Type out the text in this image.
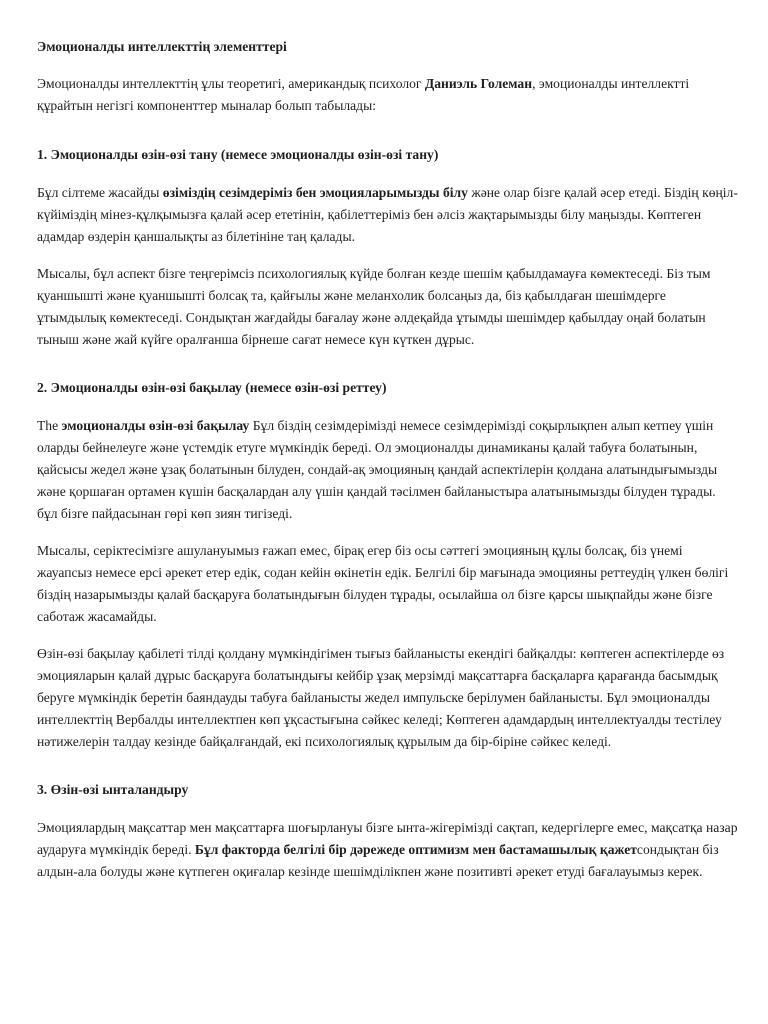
Эмоционалды интеллекттің элементтері

Эмоционалды интеллекттің ұлы теоретигі, американдық психолог Даниэль Големан, эмоционалды интеллектті құрайтын негізгі компоненттер мыналар болып табылады:

1. Эмоционалды өзін-өзі тану (немесе эмоционалды өзін-өзі тану)

Бұл сілтеме жасайды өзіміздің сезімдеріміз бен эмоцияларымызды білу және олар бізге қалай әсер етеді. Біздің көңіл-күйіміздің мінез-құлқымызға қалай әсер ететінін, қабілеттеріміз бен әлсіз жақтарымызды білу маңызды. Көптеген адамдар өздерін қаншалықты аз білетініне таң қалады.

Мысалы, бұл аспект бізге теңгерімсіз психологиялық күйде болған кезде шешім қабылдамауға көмектеседі. Біз тым қуаншыштi және қуаншыштi болсақ та, қайғылы және меланхолик болсаңыз да, біз қабылдаған шешімдерге ұтымдылық көмектеседі. Сондықтан жағдайды бағалау және әлдеқайда ұтымды шешімдер қабылдау оңай болатын тыныш және жай күйге оралғанша бірнеше сағат немесе күн күткен дұрыс.

2. Эмоционалды өзін-өзі бақылау (немесе өзін-өзі реттеу)

The эмоционалды өзін-өзі бақылау Бұл біздің сезімдерімізді немесе сезімдерімізді соқырлықпен алып кетпеу үшін оларды бейнелеуге және үстемдік етуге мүмкіндік береді. Ол эмоционалды динамиканы қалай табуға болатынын, қайсысы жедел және ұзақ болатынын білуден, сондай-ақ эмоцияның қандай аспектілерін қолдана алатындығымызды және қоршаған ортамен күшін басқалардан алу үшін қандай тәсілмен байланыстыра алатынымызды білуден тұрады. бұл бізге пайдасынан гөрі көп зиян тигізеді.

Мысалы, серіктесімізге ашулануымыз ғажап емес, бірақ егер біз осы сәттегі эмоцияның құлы болсақ, біз үнемі жауапсыз немесе ерсі әрекет етер едік, содан кейін өкінетін едік. Белгілі бір мағынада эмоцияны реттеудің үлкен бөлігі біздің назарымызды қалай басқаруға болатындығын білуден тұрады, осылайша ол бізге қарсы шықпайды және бізге саботаж жасамайды.

Өзін-өзі бақылау қабілеті тілді қолдану мүмкіндігімен тығыз байланысты екендігі байқалды: көптеген аспектілерде өз эмоцияларын қалай дұрыс басқаруға болатындығы кейбір ұзақ мерзімді мақсаттарға басқаларға қарағанда басымдық беруге мүмкіндік беретін баяндауды табуға байланысты жедел импульске берілумен байланысты. Бұл эмоционалды интеллекттің Вербалды интеллектпен көп ұқсастығына сәйкес келеді; Көптеген адамдардың интеллектуалды тестілеу нәтижелерін талдау кезінде байқалғандай, екі психологиялық құрылым да бір-біріне сәйкес келеді.

3. Өзін-өзі ынталандыру

Эмоциялардың мақсаттар мен мақсаттарға шоғырлануы бізге ынта-жігерімізді сақтап, кедергілерге емес, мақсатқа назар аударуға мүмкіндік береді. Бұл факторда белгілі бір дәрежеде оптимизм мен бастамашылық қажетсондықтан біз алдын-ала болуды және күтпеген оқиғалар кезінде шешімділікпен және позитивті әрекет етуді бағалауымыз керек.
